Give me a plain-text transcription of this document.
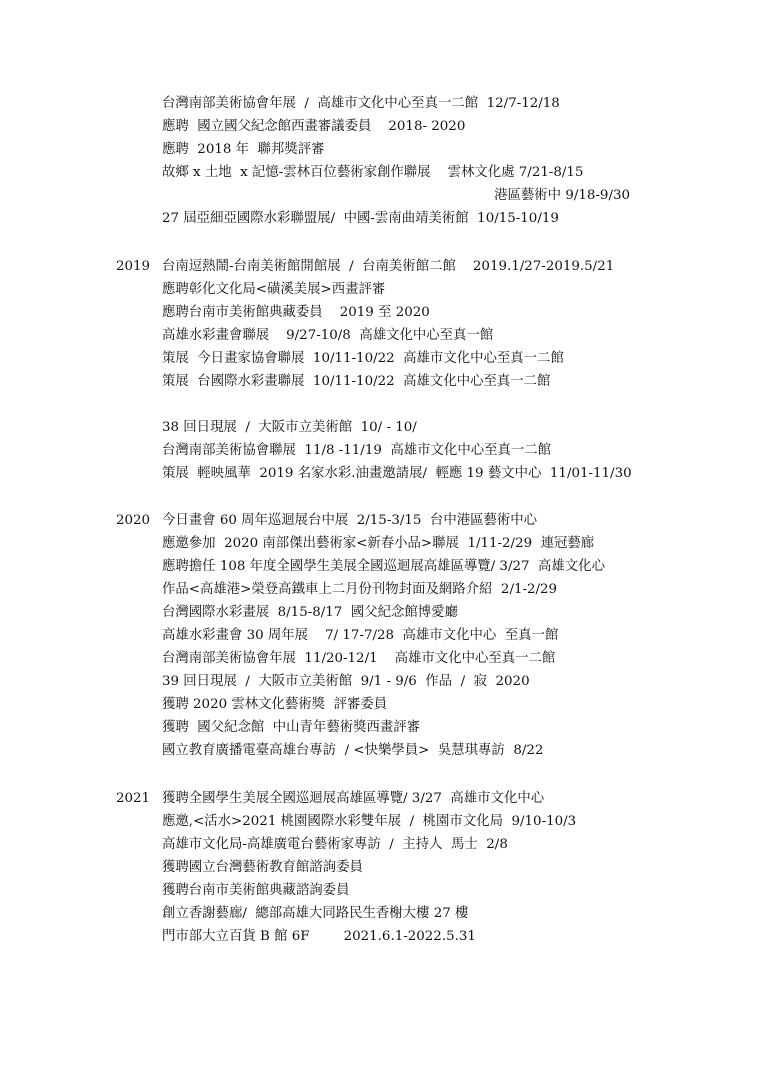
台灣南部美術協會年展  /  高雄市文化中心至真一二館  12/7-12/18
應聘  國立國父紀念館西畫審議委員    2018- 2020
應聘  2018 年  聯邦獎評審
故鄉 x 土地  x 記憶-雲林百位藝術家創作聯展    雲林文化處 7/21-8/15
港區藝術中 9/18-9/30
27 屆亞細亞國際水彩聯盟展/  中國-雲南曲靖美術館  10/15-10/19
2019 台南逗熱鬧-台南美術館開館展  /  台南美術館二館    2019.1/27-2019.5/21
應聘彰化文化局<磺溪美展>西畫評審
應聘台南市美術館典藏委員    2019 至 2020
高雄水彩畫會聯展    9/27-10/8  高雄文化中心至真一館
策展  今日畫家協會聯展  10/11-10/22  高雄市文化中心至真一二館
策展  台國際水彩畫聯展  10/11-10/22  高雄文化中心至真一二館
38 回日現展  /  大阪市立美術館  10/ - 10/
台灣南部美術協會聯展  11/8 -11/19  高雄市文化中心至真一二館
策展  輕映風華  2019 名家水彩.油畫邀請展/  輕應 19 藝文中心  11/01-11/30
2020 今日畫會 60 周年巡迴展台中展  2/15-3/15  台中港區藝術中心
應邀參加  2020 南部傑出藝術家<新春小品>聯展  1/11-2/29  連冠藝廊
應聘擔任 108 年度全國學生美展全國巡迴展高雄區導覽/ 3/27  高雄文化心
作品<高雄港>榮登高鐵車上二月份刊物封面及網路介紹  2/1-2/29
台灣國際水彩畫展  8/15-8/17  國父紀念館博愛廳
高雄水彩畫會 30 周年展    7/ 17-7/28  高雄市文化中心  至真一館
台灣南部美術協會年展  11/20-12/1    高雄市文化中心至真一二館
39 回日現展  /  大阪市立美術館  9/1 - 9/6  作品  /  寂  2020
獲聘 2020 雲林文化藝術獎  評審委員
獲聘  國父紀念館  中山青年藝術獎西畫評審
國立教育廣播電臺高雄台專訪  / <快樂學員>  吳慧琪專訪  8/22
2021 獲聘全國學生美展全國巡迴展高雄區導覽/ 3/27  高雄市文化中心
應邀,<活水>2021 桃園國際水彩雙年展  /  桃園市文化局  9/10-10/3
高雄市文化局-高雄廣電台藝術家專訪  /  主持人  馬士  2/8
獲聘國立台灣藝術教育館諮詢委員
獲聘台南市美術館典藏諮詢委員
創立香謝藝廊/  總部高雄大同路民生香榭大樓 27 樓
門市部大立百貨 B 館 6F        2021.6.1-2022.5.31
